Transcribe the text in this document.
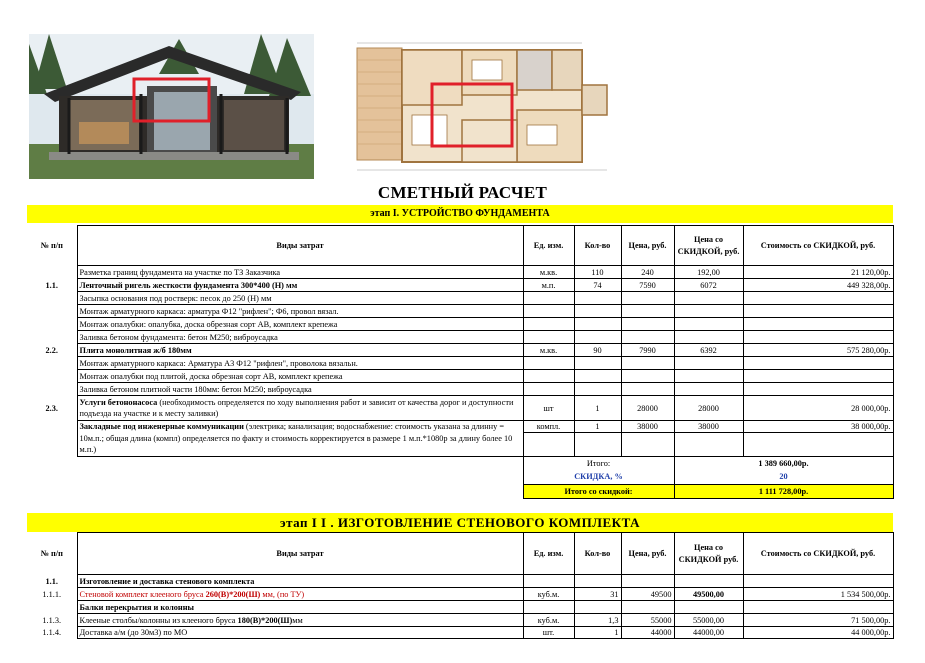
СМЕТНЫЙ РАСЧЕТ
этап I. УСТРОЙСТВО ФУНДАМЕНТА
№ п/п	Виды затрат	Ед. изм.	Кол-во	Цена, руб.	Цена со СКИДКОЙ, руб.	Стоимость со СКИДКОЙ, руб.
	Разметка границ фундамента на участке по ТЗ Заказчика	м.кв.	110	240	192,00	21 120,00р.
1.1.	Ленточный ригель жесткости фундамента 300*400 (Н) мм	м.п.	74	7590	6072	449 328,00р.
	Засыпка основания под ростверк: песок до 250 (Н) мм					
	Монтаж арматурного каркаса: арматура Ф12 "рифлен"; Ф6, провол вязал.					
	Монтаж опалубки: опалубка, доска обрезная сорт АВ, комплект крепежа					
	Заливка бетоном фундамента: бетон М250; виброусадка					
2.2.	Плита монолитная ж/б 180мм	м.кв.	90	7990	6392	575 280,00р.
	Монтаж арматурного каркаса: Арматура А3 Ф12 "рифлен", проволока вязальн.					
	Монтаж опалубки под плитой, доска обрезная сорт АВ, комплект крепежа					
	Заливка бетоном плитной части 180мм: бетон М250; виброусадка					
2.3.	Услуги бетононасоса (необходимость определяется по ходу выполнения работ и зависит от качества дорог и доступности подъезда на участке и к месту заливки)	шт	1	28000	28000	28 000,00р.
	Закладные под инженерные коммуникации (электрика; канализация; водоснабжение: стоимость указана за длинну = 10м.п.; общая длина (компл) определяется по факту и стоимость корректируется в размере 1 м.п.*1080р за длину более 10 м.п.)	компл.	1	38000	38000	38 000,00р.

		Итого:			1 389 660,00р.	
		СКИДКА, %			20	
		Итого со скидкой:			1 111 728,00р.	
этап I I . ИЗГОТОВЛЕНИЕ СТЕНОВОГО КОМПЛЕКТА
№ п/п	Виды затрат	Ед. изм.	Кол-во	Цена, руб.	Цена со СКИДКОЙ руб.	Стоимость со СКИДКОЙ, руб.
1.1.	Изготовление и доставка стенового комплекта					
1.1.1.	Стеновой комплект клееного бруса 260(В)*200(Ш) мм, (по ТУ)	куб.м.	31	49500	49500,00	1 534 500,00р.
	Балки перекрытия и колонны					
1.1.3.	Клееные столбы/колонны из клееного бруса 180(В)*200(Ш)мм	куб.м.	1,3	55000	55000,00	71 500,00р.
1.1.4.	Доставка а/м (до 30м3) по МО	шт.	1	44000	44000,00	44 000,00р.
